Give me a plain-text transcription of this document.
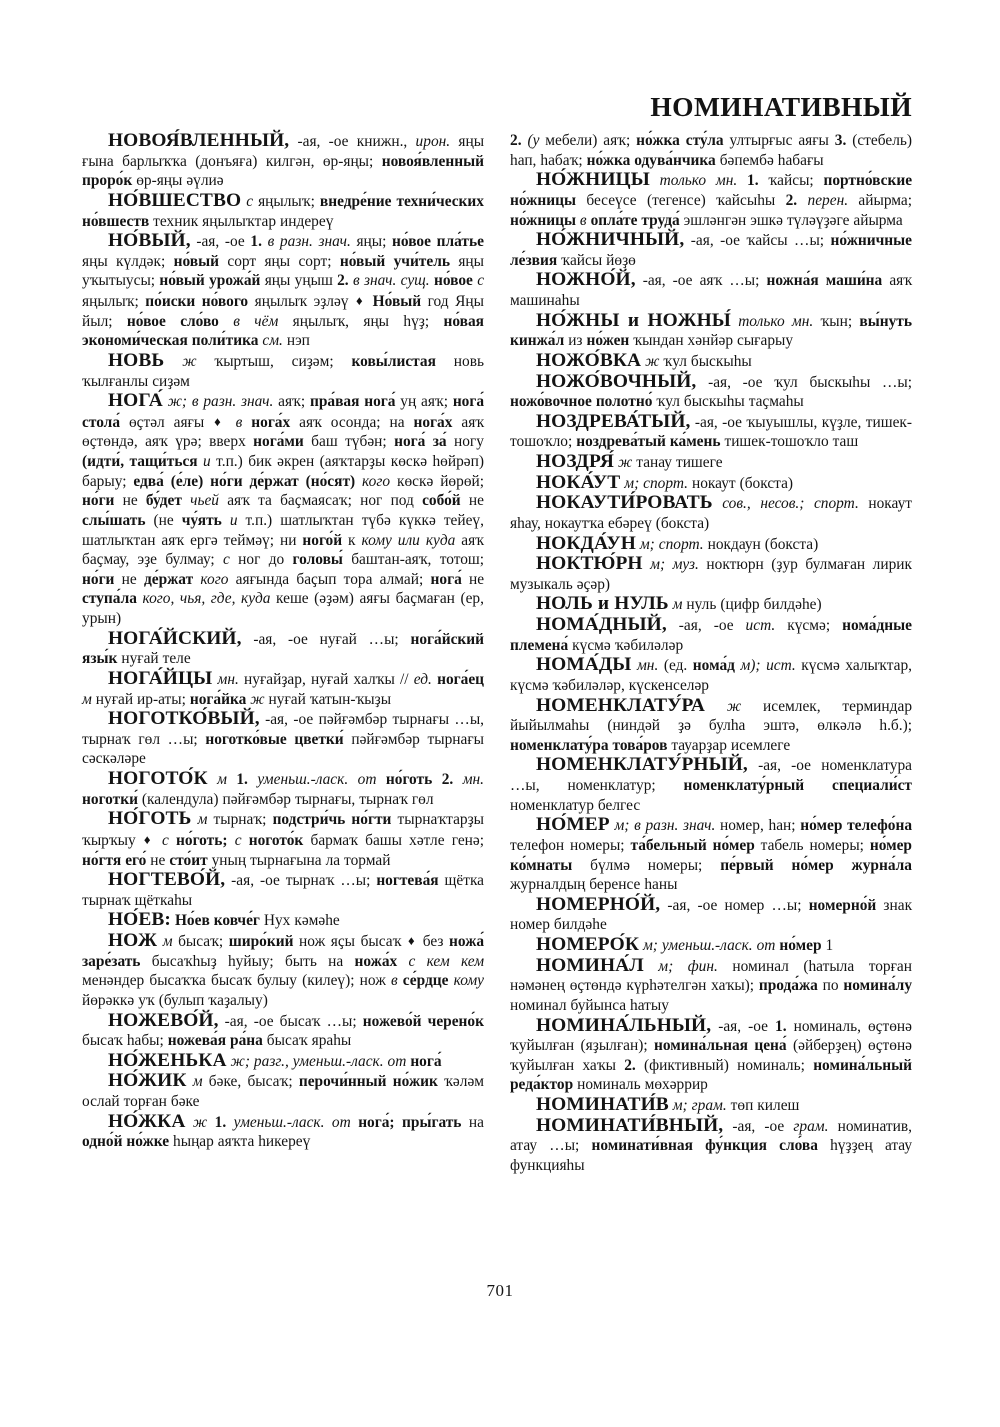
НОМИНАТИВНЫЙ

НОВОЯ́ВЛЕННЫЙ, -ая, -ое книжн., ирон. яңы ғына барлыҡҡа (донъяға) килгән, өр-яңы; новоя́вленный проро́к өр-яңы әүлиә

НО́ВШЕСТВО с яңылыҡ; внедре́ние техни́ческих но́вшеств техник яңылыҡтар индереү

НО́ВЫЙ, -ая, -ое 1. в разн. знач. яңы; но́вое пла́тье яңы күлдәк; но́вый сорт яңы сорт; но́вый учи́тель яңы уҡытыусы; но́вый урожа́й яңы уңыш 2. в знач. сущ. но́вое с яңылыҡ; по́иски но́вого яңылыҡ эҙләү ♦ Но́вый год Яңы йыл; но́вое сло́во в чём яңылыҡ, яңы һүҙ; но́вая экономи́ческая поли́тика см. нэп

НОВЬ ж ҡыртыш, сиҙәм; ковы́листая новь ҡылғанлы сиҙәм

НОГА́ ж; в разн. знач. аяҡ; пра́вая нога́ уң аяҡ; нога́ стола́ өҫтәл аяғы ♦ в нога́х аяҡ осонда; на нога́х аяҡ өҫтөндә, аяҡ үрә; вверх нога́ми баш түбән; нога́ за́ ногу (идти́, тащи́ться и т.п.) бик әкрен (аяҡтарҙы көскә һөйрәп) барыу; едва́ (е́ле) но́ги де́ржат (но́сят) кого көскә йөрөй; но́ги не бу́дет чьей аяҡ та баҫмаяcаҡ; ног под собо́й не слы́шать (не чу́ять и т.п.) шатлыҡтан түбә күккә тейеү, шатлыҡтан аяҡ ергә теймәү; ни ного́й к кому или куда аяҡ баҫмау, эҙе булмау; с ног до головы́ баштан-аяҡ, тотош; но́ги не де́ржат кого аяғында баҫып тора алмай; нога́ не ступа́ла кого, чья, где, куда кеше (әҙәм) аяғы баҫмаған (ер, урын)

НОГА́ЙСКИЙ, -ая, -ое нуғай …ы; нога́йский язы́к нуғай теле

НОГА́ЙЦЫ мн. нуғайҙар, нуғай халҡы // ед. нога́ец м нуғай ир-аты; нога́йка ж нуғай ҡатын-ҡыҙы

НОГОТКО́ВЫЙ, -ая, -ое пәйғәмбәр тырнағы …ы, тырнаҡ гөл …ы; ноготко́вые цветки́ пәйғәмбәр тырнағы сәскәләре

НОГОТО́К м 1. уменьш.-ласк. от но́готь 2. мн. ноготки́ (календула) пәйғәмбәр тырнағы, тырнаҡ гөл

НО́ГОТЬ м тырнаҡ; подстри́чь но́гти тырнаҡтарҙы ҡырҡыу ♦ с но́готь; с ногото́к бармаҡ башы хәтле генә; но́гтя его́ не сто́ит уның тырнағына ла тормай

НОГТЕВО́Й, -ая, -ое тырнаҡ …ы; ногтева́я щётка тырнаҡ щёткаһы

НО́ЕВ: Но́ев ковче́г Нух кәмәһе

НОЖ м бысаҡ; широ́кий нож яҫы бысаҡ ♦ без ножа́ заре́зать бысаҡһыҙ һуйыу; быть на ножа́х с кем кем менәндер бысаҡҡа бысаҡ булыу (килеү); нож в се́рдце кому йөрәккә уҡ (булып ҡаҙалыу)

НОЖЕВО́Й, -ая, -ое бысаҡ …ы; ножево́й черено́к бысаҡ һабы; ножева́я ра́на бысаҡ яраһы

НО́ЖЕНЬКА ж; разг., уменьш.-ласк. от нога́

НО́ЖИК м бәке, бысаҡ; перочи́нный но́жик ҡәләм ослай торған бәке

НО́ЖКА ж 1. уменьш.-ласк. от нога́; пры́гать на одно́й но́жке һыңар аяҡта һикереү

2. (у мебели) аяҡ; но́жка сту́ла ултырғыс аяғы 3. (стебель) һап, һабаҡ; но́жка одува́нчика бәпембә һабағы

НО́ЖНИЦЫ только мн. 1. ҡайсы; портно́вские но́жницы бесеүсе (тегенсе) ҡайсыһы 2. перен. айырма; но́жницы в опла́те труда́ эшләнгән эшкә түләүҙәге айырма

НО́ЖНИЧНЫЙ, -ая, -ое ҡайсы …ы; но́жничные ле́звия ҡайсы йөҙө

НОЖНО́Й, -ая, -ое аяҡ …ы; ножна́я маши́на аяҡ машинаһы

НО́ЖНЫ и НОЖНЫ́ только мн. ҡын; вы́нуть кинжа́л из но́жен ҡындан хәнйәр сығарыу

НОЖО́ВКА ж ҡул быскыһы

НОЖО́ВОЧНЫЙ, -ая, -ое ҡул быскыһы …ы; ножо́вочное полотно́ ҡул быскыһы таҫмаһы

НОЗДРЕВА́ТЫЙ, -ая, -ое ҡыуышлы, күҙле, тишек-тошоҡло; ноздрева́тый ка́мень тишек-тошоҡло таш

НОЗДРЯ́ ж танау тишеге

НОКА́УТ м; спорт. нокаут (бокста)

НОКАУТИ́РОВАТЬ сов., несов.; спорт. нокаут яһау, нокаутҡа ебәреү (бокста)

НОКДА́УН м; спорт. нокдаун (бокста)

НОКТЮ́РН м; муз. ноктюрн (ҙур булмаған лирик музыкаль әҫәр)

НОЛЬ и НУЛЬ м нуль (цифр билдәһе)

НОМА́ДНЫЙ, -ая, -ое ист. күсмә; нома́дные племена́ күсмә ҡәбиләләр

НОМА́ДЫ мн. (ед. нома́д м); ист. күсмә халыҡтар, күсмә ҡәбиләләр, күскенселәр

НОМЕНКЛАТУ́РА ж исемлек, терминдар йыйылмаһы (ниндәй ҙә булһа эштә, өлкәлә һ.б.); номенклату́ра това́ров тауарҙар исемлеге

НОМЕНКЛАТУ́РНЫЙ, -ая, -ое номенклатура …ы, номенклатур; номенклату́рный специали́ст номенклатур белгес

НО́МЕР м; в разн. знач. номер, һан; но́мер телефо́на телефон номеры; та́бельный но́мер табель номеры; но́мер ко́мнаты бүлмә номеры; пе́рвый но́мер журна́ла журналдың беренсе һаны

НОМЕРНО́Й, -ая, -ое номер …ы; номерно́й знак номер билдәһе

НОМЕРО́К м; уменьш.-ласк. от но́мер 1

НОМИНА́Л м; фин. номинал (һатыла торған нәмәнең өҫтөндә күрһәтелгән хаҡы); прода́жа по номина́лу номинал буйынса һатыу

НОМИНА́ЛЬНЫЙ, -ая, -ое 1. номиналь, өҫтөнә ҡуйылған (яҙылған); номина́льная цена́ (әйберҙең) өҫтөнә ҡуйылған хаҡы 2. (фиктивный) номиналь; номина́льный реда́ктор номиналь мөхәррир

НОМИНАТИ́В м; грам. төп килеш

НОМИНАТИ́ВНЫЙ, -ая, -ое грам. номинатив, атау …ы; номинати́вная фу́нкция сло́ва һүҙҙең атау функцияһы

701
